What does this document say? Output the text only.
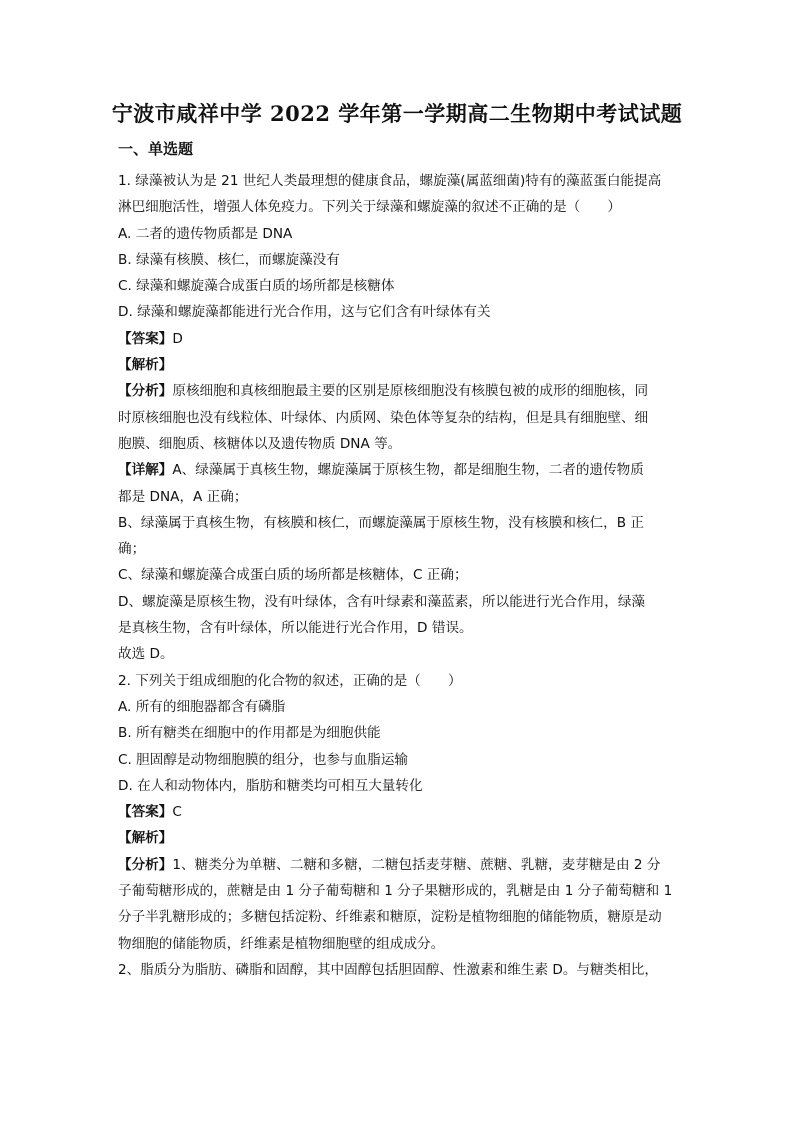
宁波市咸祥中学 2022 学年第一学期高二生物期中考试试题
一、单选题
1. 绿藻被认为是 21 世纪人类最理想的健康食品，螺旋藻(属蓝细菌)特有的藻蓝蛋白能提高
淋巴细胞活性，增强人体免疫力。下列关于绿藻和螺旋藻的叙述不正确的是（　　）
A. 二者的遗传物质都是 DNA
B. 绿藻有核膜、核仁，而螺旋藻没有
C. 绿藻和螺旋藻合成蛋白质的场所都是核糖体
D. 绿藻和螺旋藻都能进行光合作用，这与它们含有叶绿体有关
【答案】D
【解析】
【分析】原核细胞和真核细胞最主要的区别是原核细胞没有核膜包被的成形的细胞核，同
时原核细胞也没有线粒体、叶绿体、内质网、染色体等复杂的结构，但是具有细胞壁、细
胞膜、细胞质、核糖体以及遗传物质 DNA 等。
【详解】A、绿藻属于真核生物，螺旋藻属于原核生物，都是细胞生物，二者的遗传物质
都是 DNA，A 正确；
B、绿藻属于真核生物，有核膜和核仁，而螺旋藻属于原核生物，没有核膜和核仁，B 正
确；
C、绿藻和螺旋藻合成蛋白质的场所都是核糖体，C 正确；
D、螺旋藻是原核生物，没有叶绿体，含有叶绿素和藻蓝素，所以能进行光合作用，绿藻
是真核生物，含有叶绿体，所以能进行光合作用，D 错误。
故选 D。
2. 下列关于组成细胞的化合物的叙述，正确的是（　　）
A. 所有的细胞器都含有磷脂
B. 所有糖类在细胞中的作用都是为细胞供能
C. 胆固醇是动物细胞膜的组分，也参与血脂运输
D. 在人和动物体内，脂肪和糖类均可相互大量转化
【答案】C
【解析】
【分析】1、糖类分为单糖、二糖和多糖，二糖包括麦芽糖、蔗糖、乳糖，麦芽糖是由 2 分
子葡萄糖形成的，蔗糖是由 1 分子葡萄糖和 1 分子果糖形成的，乳糖是由 1 分子葡萄糖和 1
分子半乳糖形成的；多糖包括淀粉、纤维素和糖原，淀粉是植物细胞的储能物质，糖原是动
物细胞的储能物质，纤维素是植物细胞壁的组成成分。
2、脂质分为脂肪、磷脂和固醇，其中固醇包括胆固醇、性激素和维生素 D。与糖类相比，
